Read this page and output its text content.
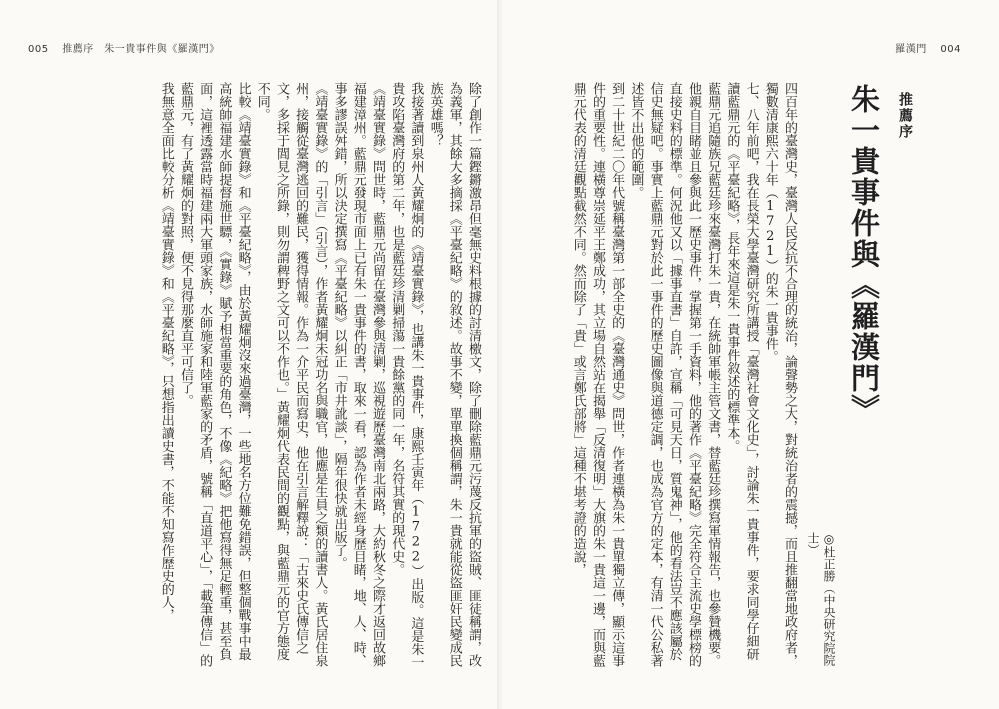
005 推薦序　朱一貴事件與《羅漢門》	羅漢門 004
推薦序
朱一貴事件與《羅漢門》
◎杜正勝（中央研究院院士）

四百年的臺灣史，臺灣人民反抗不合理的統治，論聲勢之大，對統治者的震撼，而且推翻當地政府者，獨數清康熙六十年（1721）的朱一貴事件。

七、八年前吧，我在長榮大學臺灣研究所講授「臺灣社會文化史」，討論朱一貴事件，要求同學仔細研讀藍鼎元的《平臺紀略》，長年來這是朱一貴事件敘述的標準本。

藍鼎元追隨族兄藍廷珍來臺灣打朱一貴，在統帥軍帳主管文書，替藍廷珍撰寫軍情報告，也參贊機要。他親自目睹並且參與此一歷史事件，掌握第一手資料，他的著作《平臺紀略》完全符合主流史學標榜的直接史料的標準。何況他又以「據事直書」自許，宣稱「可見天日，質鬼神」，他的看法豈不應該屬於信史無疑吧。事實上藍鼎元對於此一事件的歷史圖像與道德定調，也成為官方的定本，有清一代公私著述皆不出他的範圍。

到二十世紀二〇年代號稱臺灣第一部全史的《臺灣通史》問世，作者連橫為朱一貴單獨立傳，顯示這事件的重要性。連橫尊崇延平王鄭成功，其立場自然站在揭舉「反清復明」大旗的朱一貴這一邊，而與藍鼎元代表的清廷觀點截然不同。然而除了「貴」或言鄭氏部將」這種不堪考證的造說，

除了創作一篇鏗鏘激昂但毫無史料根據的討清檄文，除了刪除藍鼎元污蔑反抗軍的盜賊、匪徒稱謂，改為義軍，其餘大多摘採《平臺紀略》的敘述。故事不變，單單換個稱謂，朱一貴就能從盜匪奸民變成民族英雄嗎？

我接著讀到泉州人黃耀炯的《靖臺實錄》，也講朱一貴事件，康熙壬寅年（1722）出版。這是朱一貴攻陷臺灣府的第二年，也是藍廷珍清剿掃蕩一貴餘黨的同一年，名符其實的現代史。

《靖臺實錄》問世時，藍鼎元尚留在臺灣參與清剿，巡視遊歷臺灣南北兩路，大約秋冬之際才返回故鄉福建漳州。藍鼎元發現市面上已有朱一貴事件的書，取來一看，認為作者未經身歷目睹，地、人、時、事多謬誤舛錯，所以決定撰寫《平臺紀略》以糾正「市井訛談」，隔年很快就出版了。

《靖臺實錄》的「引言」（引言），作者黃耀炯未冠功名與職官，他應是生員之類的讀書人。黃氏居住泉州，接觸從臺灣逃回的難民，獲得情報。作為一介平民而寫史，他在引言解釋說：「古來史氏傳信之文，多採于閭見之所錄，則勿謂稗野之文可以不作也。」黃耀炯代表民間的觀點，與藍鼎元的官方態度不同。

比較《靖臺實錄》和《平臺紀略》，由於黃耀炯沒來過臺灣，一些地名方位難免錯誤，但整個戰事中最高統帥福建水師提督施世驃，《實錄》賦予相當重要的角色，不像《紀略》把他寫得無足輕重，甚至負面，這裡透露當時福建兩大軍頭家族，水師施家和陸軍藍家的矛盾，號稱「直道平心」，「載筆傳信」的藍鼎元，有了黃耀炯的對照，便不見得那麼直平可信了。

我無意全面比較分析《靖臺實錄》和《平臺紀略》，只想指出讀史書，不能不知寫作歷史的人，
